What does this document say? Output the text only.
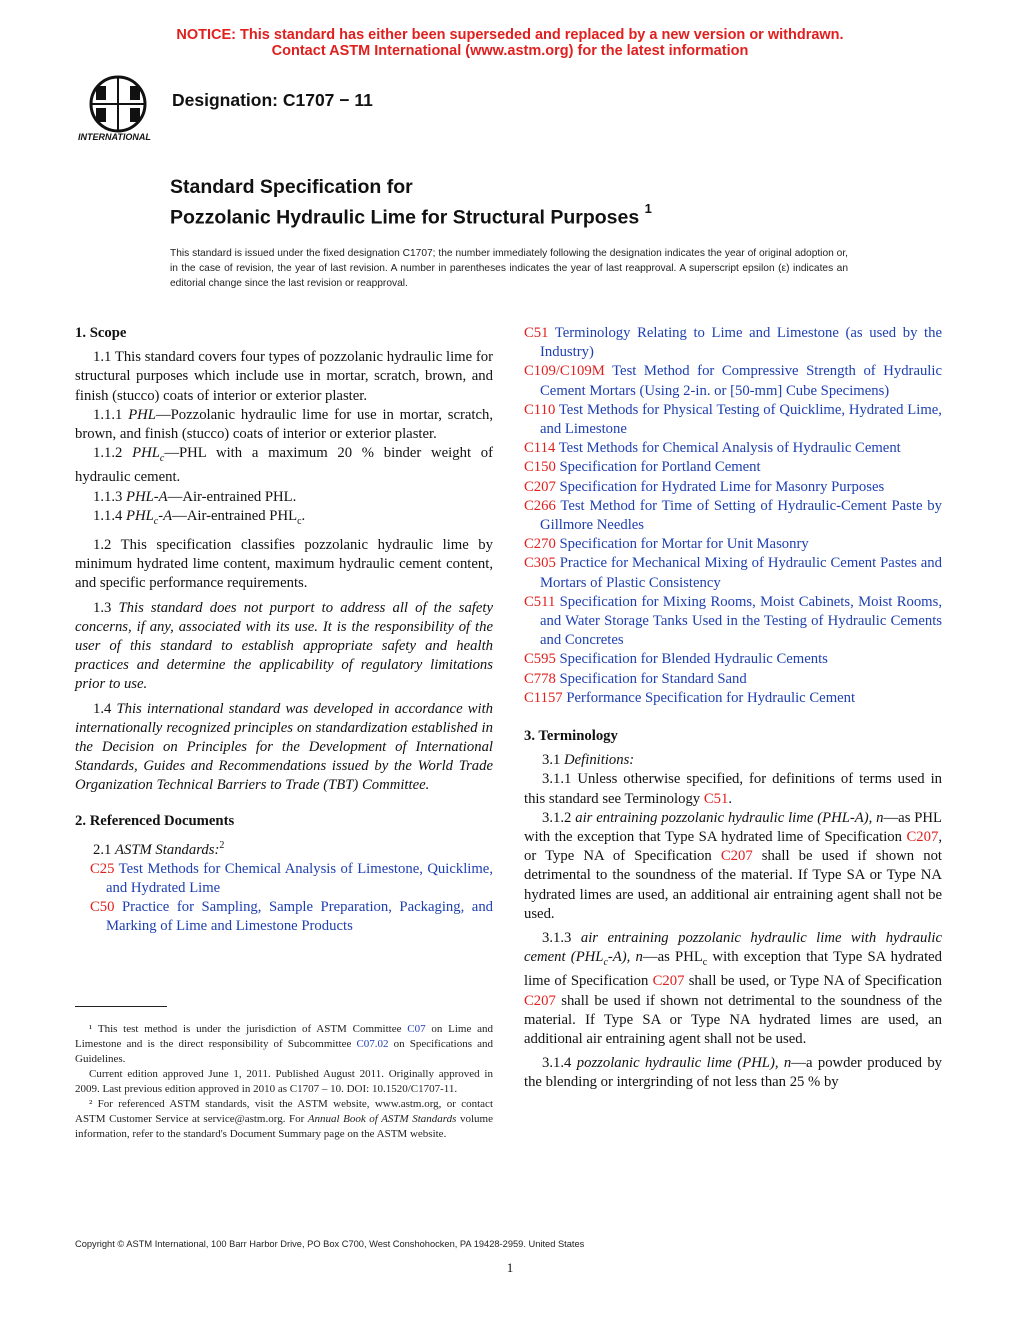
NOTICE: This standard has either been superseded and replaced by a new version or withdrawn.
Contact ASTM International (www.astm.org) for the latest information
INTERNATIONAL
Designation: C1707 − 11
Standard Specification for
Pozzolanic Hydraulic Lime for Structural Purposes $^1$
This standard is issued under the fixed designation C1707; the number immediately following the designation indicates the year of original adoption or, in the case of revision, the year of last revision. A number in parentheses indicates the year of last reapproval. A superscript epsilon (ε) indicates an editorial change since the last revision or reapproval.

1. Scope

1.1 This standard covers four types of pozzolanic hydraulic lime for structural purposes which include use in mortar, scratch, brown, and finish (stucco) coats of interior or exterior plaster.

1.1.1 PHL—Pozzolanic hydraulic lime for use in mortar, scratch, brown, and finish (stucco) coats of interior or exterior plaster.

1.1.2 $PHL_c—PHL$ with a maximum 20 % binder weight of hydraulic cement.

1.1.3 PHL-A—Air-entrained PHL.

1.1.4 $PHL_c-A—Air$-entrained $PHL_c$.

1.2 This specification classifies pozzolanic hydraulic lime by minimum hydrated lime content, maximum hydraulic cement content, and specific performance requirements.

1.3 This standard does not purport to address all of the safety concerns, if any, associated with its use. It is the responsibility of the user of this standard to establish appropriate safety and health practices and determine the applicability of regulatory limitations prior to use.

1.4 This international standard was developed in accordance with internationally recognized principles on standardization established in the Decision on Principles for the Development of International Standards, Guides and Recommendations issued by the World Trade Organization Technical Barriers to Trade (TBT) Committee.

2. Referenced Documents

2.1 ASTM Standards:$^2$

C25 Test Methods for Chemical Analysis of Limestone, Quicklime, and Hydrated Lime

C50 Practice for Sampling, Sample Preparation, Packaging, and Marking of Lime and Limestone Products

¹ This test method is under the jurisdiction of ASTM Committee C07 on Lime and Limestone and is the direct responsibility of Subcommittee C07.02 on Specifications and Guidelines.

Current edition approved June 1, 2011. Published August 2011. Originally approved in 2009. Last previous edition approved in 2010 as C1707 – 10. DOI: 10.1520/C1707-11.

² For referenced ASTM standards, visit the ASTM website, www.astm.org, or contact ASTM Customer Service at service@astm.org. For Annual Book of ASTM Standards volume information, refer to the standard's Document Summary page on the ASTM website.

C51 Terminology Relating to Lime and Limestone (as used by the Industry)

C109/C109M Test Method for Compressive Strength of Hydraulic Cement Mortars (Using 2-in. or [50-mm] Cube Specimens)

C110 Test Methods for Physical Testing of Quicklime, Hydrated Lime, and Limestone

C114 Test Methods for Chemical Analysis of Hydraulic Cement

C150 Specification for Portland Cement

C207 Specification for Hydrated Lime for Masonry Purposes

C266 Test Method for Time of Setting of Hydraulic-Cement Paste by Gillmore Needles

C270 Specification for Mortar for Unit Masonry

C305 Practice for Mechanical Mixing of Hydraulic Cement Pastes and Mortars of Plastic Consistency

C511 Specification for Mixing Rooms, Moist Cabinets, Moist Rooms, and Water Storage Tanks Used in the Testing of Hydraulic Cements and Concretes

C595 Specification for Blended Hydraulic Cements

C778 Specification for Standard Sand

C1157 Performance Specification for Hydraulic Cement

3. Terminology

3.1 Definitions:

3.1.1 Unless otherwise specified, for definitions of terms used in this standard see Terminology C51.

3.1.2 air entraining pozzolanic hydraulic lime (PHL-A), n—as PHL with the exception that Type SA hydrated lime of Specification C207, or Type NA of Specification C207 shall be used if shown not detrimental to the soundness of the material. If Type SA or Type NA hydrated limes are used, an additional air entraining agent shall not be used.

3.1.3 air entraining pozzolanic hydraulic lime with hydraulic cement $(PHL_c-A)$, n—as $PHL_c$ with exception that Type SA hydrated lime of Specification C207 shall be used, or Type NA of Specification C207 shall be used if shown not detrimental to the soundness of the material. If Type SA or Type NA hydrated limes are used, an additional air entraining agent shall not be used.

3.1.4 pozzolanic hydraulic lime (PHL), n—a powder produced by the blending or intergrinding of not less than 25 % by

Copyright © ASTM International, 100 Barr Harbor Drive, PO Box C700, West Conshohocken, PA 19428-2959. United States
1
